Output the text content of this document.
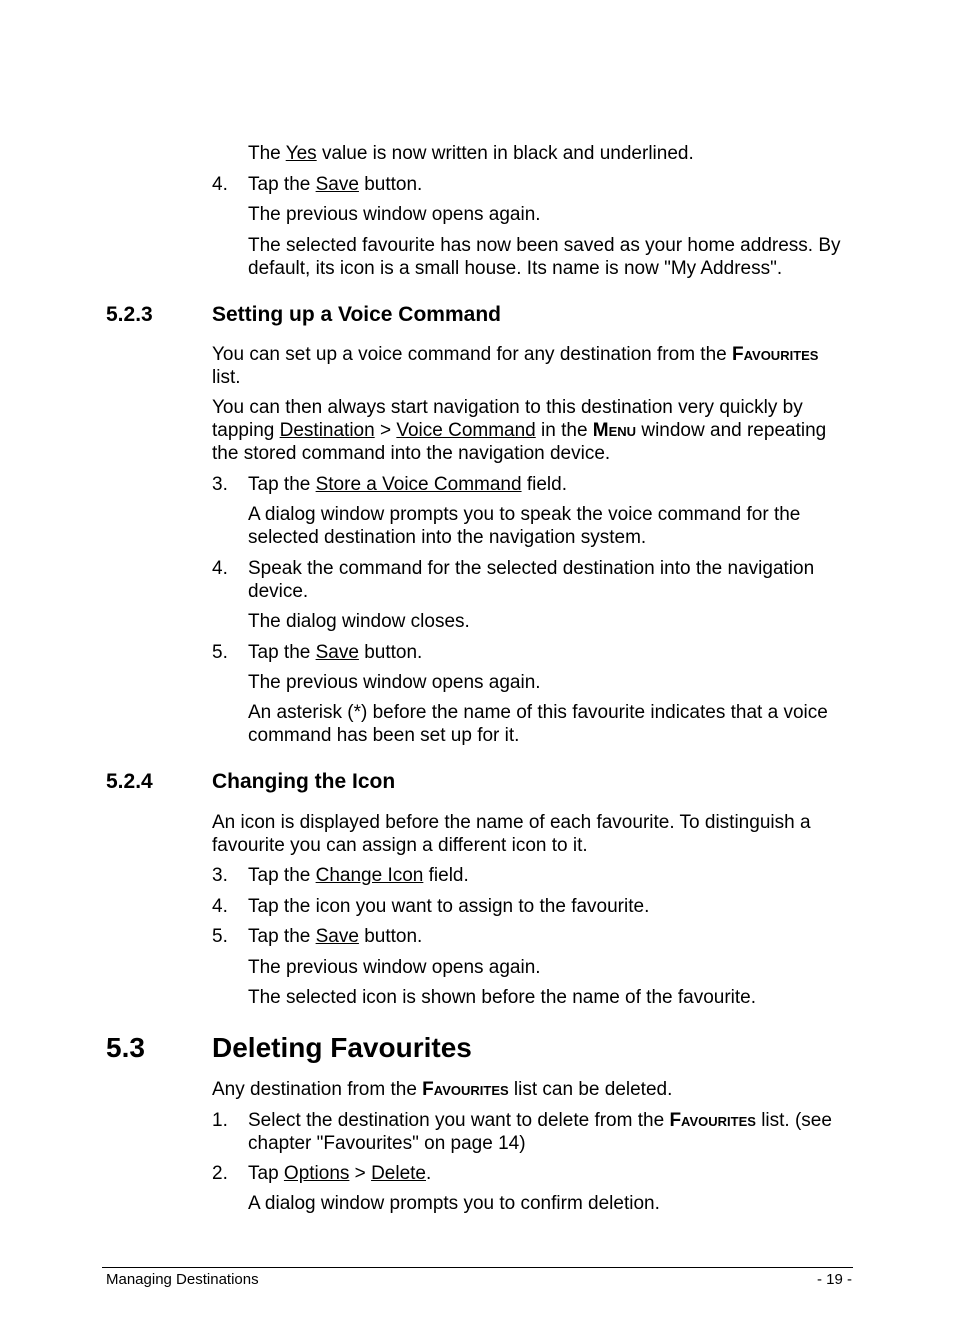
The Yes value is now written in black and underlined.

4.	Tap the Save button.

The previous window opens again.

The selected favourite has now been saved as your home address. By default, its icon is a small house. Its name is now "My Address".

5.2.3	Setting up a Voice Command

You can set up a voice command for any destination from the Favourites list.

You can then always start navigation to this destination very quickly by tapping Destination > Voice Command in the Menu window and repeating the stored command into the navigation device.

3.	Tap the Store a Voice Command field.

A dialog window prompts you to speak the voice command for the selected destination into the navigation system.

4.	Speak the command for the selected destination into the navigation device.

The dialog window closes.

5.	Tap the Save button.

The previous window opens again.

An asterisk (*) before the name of this favourite indicates that a voice command has been set up for it.

5.2.4	Changing the Icon

An icon is displayed before the name of each favourite. To distinguish a favourite you can assign a different icon to it.

3.	Tap the Change Icon field.
4.	Tap the icon you want to assign to the favourite.
5.	Tap the Save button.

The previous window opens again.

The selected icon is shown before the name of the favourite.

5.3	Deleting Favourites

Any destination from the Favourites list can be deleted.

1.	Select the destination you want to delete from the Favourites list. (see chapter "Favourites" on page 14)
2.	Tap Options > Delete.

A dialog window prompts you to confirm deletion.

Managing Destinations	- 19 -
